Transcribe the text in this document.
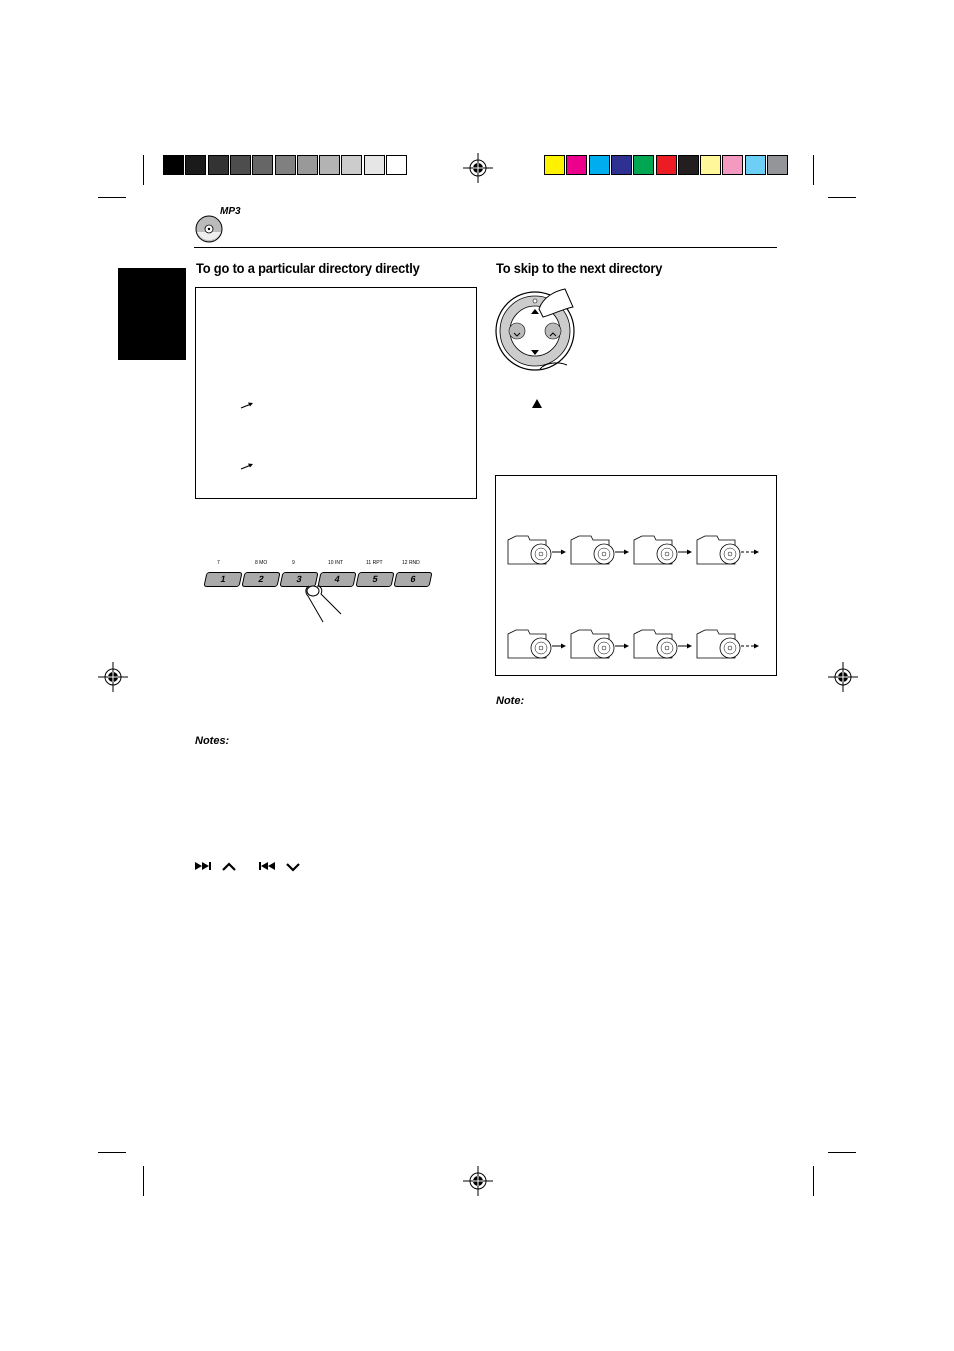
MP3
To go to a particular directory directly
7	8 MO	9	10 INT	11 RPT	12 RND
1	2	3	4	5	6
Notes:
To skip to the next directory
Note:
